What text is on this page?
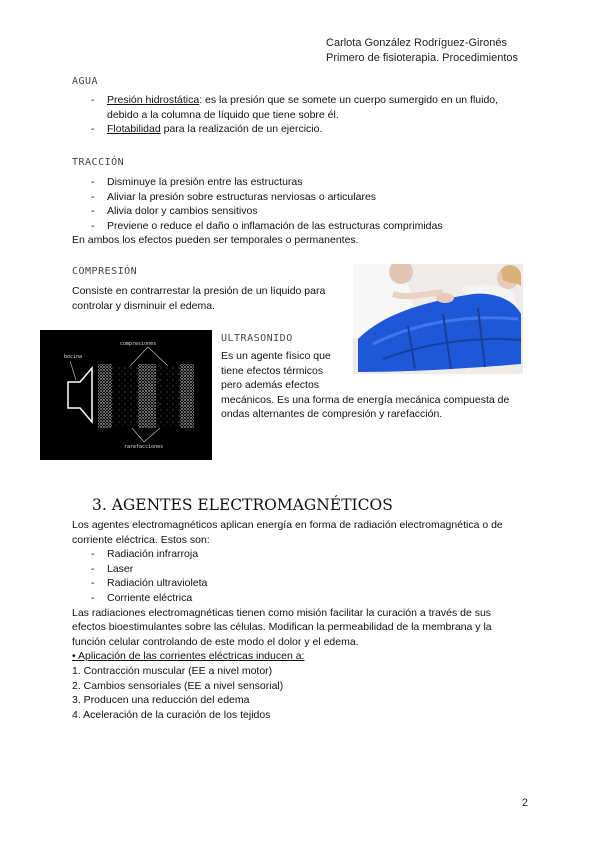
Carlota González Rodríguez-Gironés
Primero de fisioterapia. Procedimientos
AGUA
- Presión hidrostática: es la presión que se somete un cuerpo sumergido en un fluido,
debido a la columna de líquido que tiene sobre él.
- Flotabilidad para la realización de un ejercicio.
TRACCIÓN
- Disminuye la presión entre las estructuras
- Aliviar la presión sobre estructuras nerviosas o articulares
- Alivia dolor y cambios sensitivos
- Previene o reduce el daño o inflamación de las estructuras comprimidas
En ambos los efectos pueden ser temporales o permanentes.
COMPRESIÓN
Consiste en contrarrestar la presión de un líquido para
controlar y disminuir el edema.
bocina
compresiones
rarefacciones
ULTRASONIDO
Es un agente físico que
tiene efectos térmicos
pero además efectos
mecánicos. Es una forma de energía mecánica compuesta de
ondas alternantes de compresión y rarefacción.
3. AGENTES ELECTROMAGNÉTICOS
Los agentes electromagnéticos aplican energía en forma de radiación electromagnética o de
corriente eléctrica. Estos son:
- Radiación infrarroja
- Laser
- Radiación ultravioleta
- Corriente eléctrica
Las radiaciones electromagnéticas tienen como misión facilitar la curación a través de sus
efectos bioestimulantes sobre las células. Modifican la permeabilidad de la membrana y la
función celular controlando de este modo el dolor y el edema.
• Aplicación de las corrientes eléctricas inducen a:
1. Contracción muscular (EE a nivel motor)
2. Cambios sensoriales (EE a nivel sensorial)
3. Producen una reducción del edema
4. Aceleración de la curación de los tejidos
2
